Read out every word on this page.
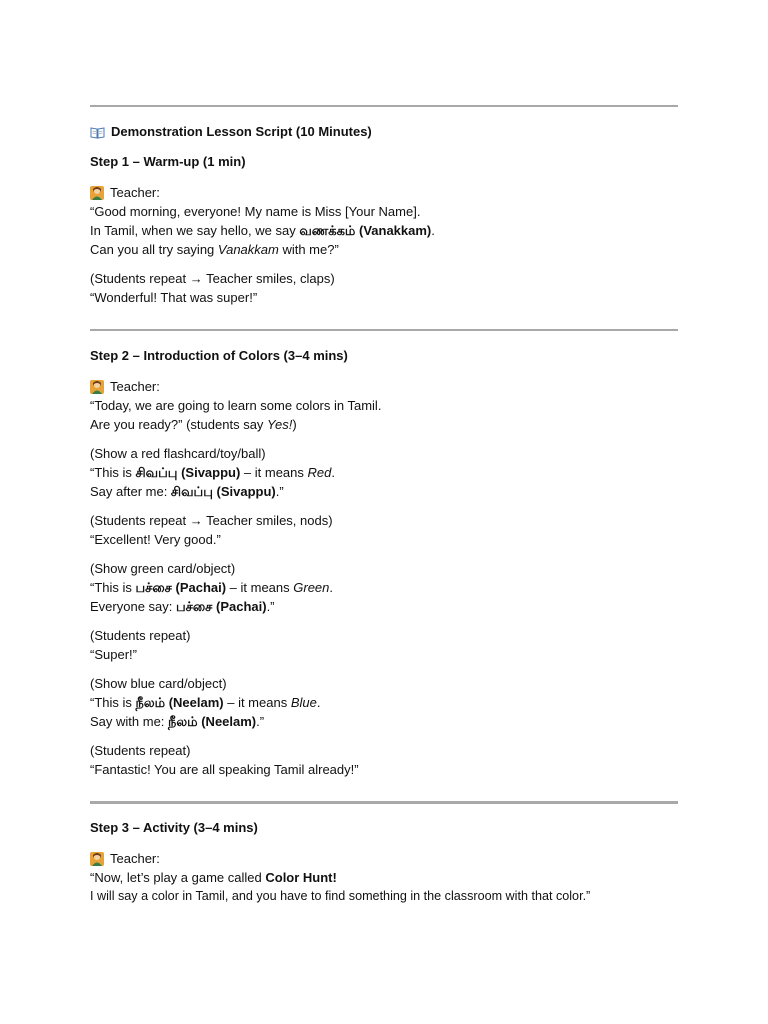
Demonstration Lesson Script (10 Minutes)
Step 1 – Warm-up (1 min)
Teacher:
“Good morning, everyone! My name is Miss [Your Name].
In Tamil, when we say hello, we say வணக்கம் (Vanakkam).
Can you all try saying Vanakkam with me?”
(Students repeat → Teacher smiles, claps)
“Wonderful! That was super!”
Step 2 – Introduction of Colors (3–4 mins)
Teacher:
“Today, we are going to learn some colors in Tamil.
Are you ready?” (students say Yes!)
(Show a red flashcard/toy/ball)
“This is சிவப்பு (Sivappu) – it means Red.
Say after me: சிவப்பு (Sivappu).”
(Students repeat → Teacher smiles, nods)
“Excellent! Very good.”
(Show green card/object)
“This is பச்சை (Pachai) – it means Green.
Everyone say: பச்சை (Pachai).”
(Students repeat)
“Super!”
(Show blue card/object)
“This is நீலம் (Neelam) – it means Blue.
Say with me: நீலம் (Neelam).”
(Students repeat)
“Fantastic! You are all speaking Tamil already!”
Step 3 – Activity (3–4 mins)
Teacher:
“Now, let’s play a game called Color Hunt!
I will say a color in Tamil, and you have to find something in the classroom with that color.”
